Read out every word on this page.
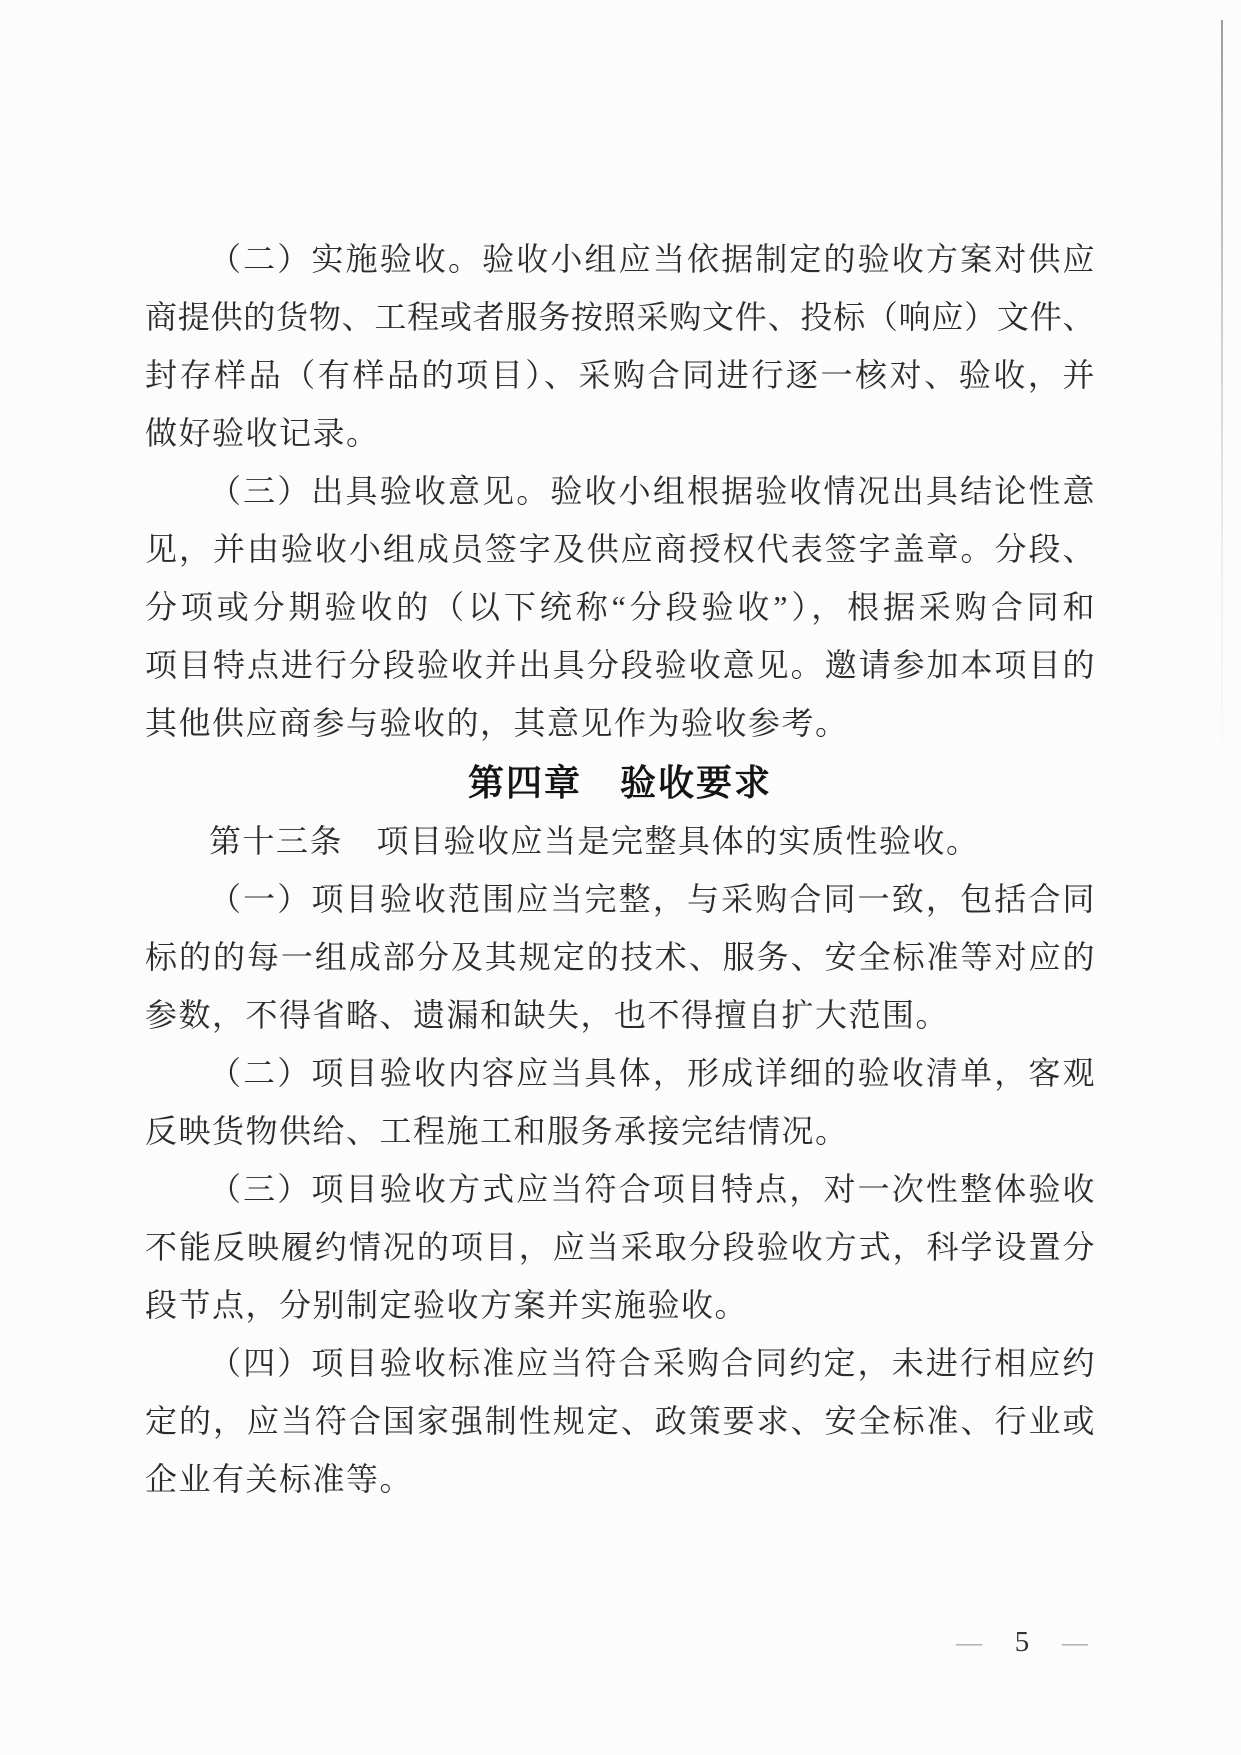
（二）实施验收。验收小组应当依据制定的验收方案对供应
商提供的货物、工程或者服务按照采购文件、投标（响应）文件、
封存样品（有样品的项目）、采购合同进行逐一核对、验收，并
做好验收记录。
（三）出具验收意见。验收小组根据验收情况出具结论性意
见，并由验收小组成员签字及供应商授权代表签字盖章。分段、
分项或分期验收的（以下统称“分段验收”），根据采购合同和
项目特点进行分段验收并出具分段验收意见。邀请参加本项目的
其他供应商参与验收的，其意见作为验收参考。
第四章　验收要求
第十三条　项目验收应当是完整具体的实质性验收。
（一）项目验收范围应当完整，与采购合同一致，包括合同
标的的每一组成部分及其规定的技术、服务、安全标准等对应的
参数，不得省略、遗漏和缺失，也不得擅自扩大范围。
（二）项目验收内容应当具体，形成详细的验收清单，客观
反映货物供给、工程施工和服务承接完结情况。
（三）项目验收方式应当符合项目特点，对一次性整体验收
不能反映履约情况的项目，应当采取分段验收方式，科学设置分
段节点，分别制定验收方案并实施验收。
（四）项目验收标准应当符合采购合同约定，未进行相应约
定的，应当符合国家强制性规定、政策要求、安全标准、行业或
企业有关标准等。
— 5 —
